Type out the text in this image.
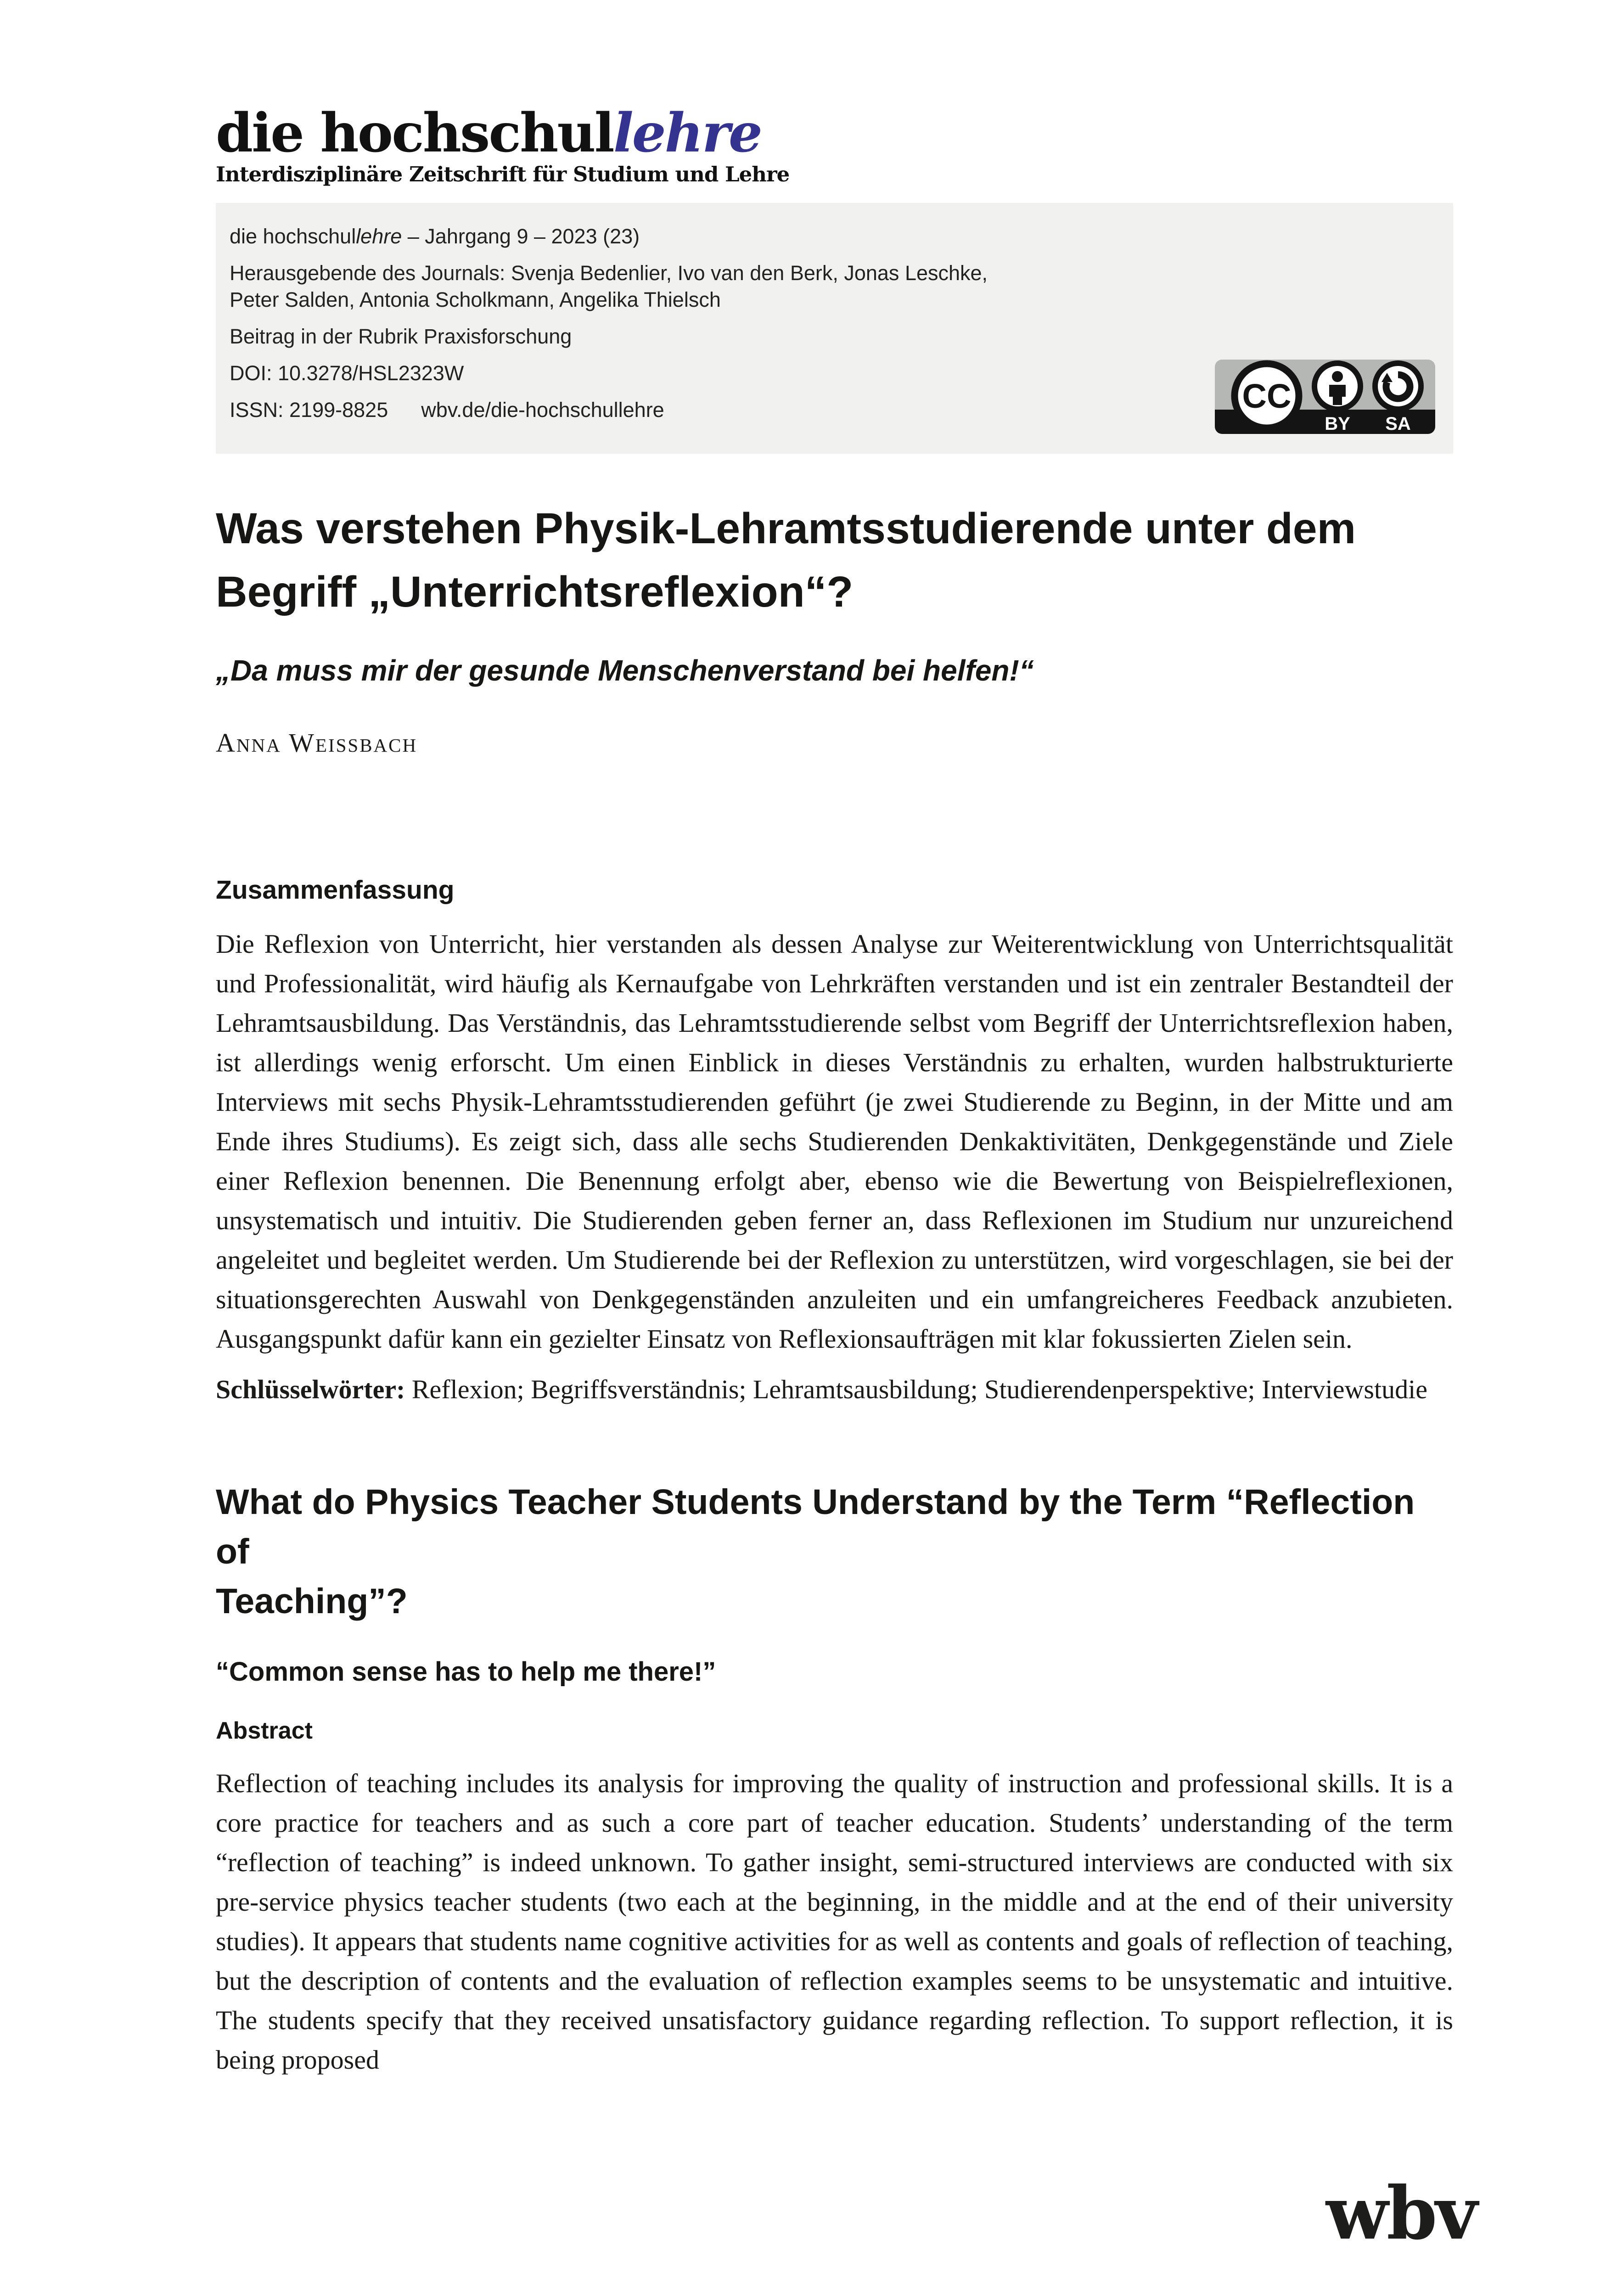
die hochschullehre
Interdisziplinäre Zeitschrift für Studium und Lehre

die hochschullehre – Jahrgang 9 – 2023 (23)

Herausgebende des Journals: Svenja Bedenlier, Ivo van den Berk, Jonas Leschke,
Peter Salden, Antonia Scholkmann, Angelika Thielsch

Beitrag in der Rubrik Praxisforschung

DOI: 10.3278/HSL2323W

ISSN: 2199-8825 wbv.de/die-hochschullehre	CC
BY SA
Was verstehen Physik-Lehramtsstudierende unter dem
Begriff „Unterrichtsreflexion“?
„Da muss mir der gesunde Menschenverstand bei helfen!“
Anna Weissbach
Zusammenfassung

Die Reflexion von Unterricht, hier verstanden als dessen Analyse zur Weiterentwicklung von Unterrichtsqualität und Professionalität, wird häufig als Kernaufgabe von Lehrkräften verstanden und ist ein zentraler Bestandteil der Lehramtsausbildung. Das Verständnis, das Lehramtsstudierende selbst vom Begriff der Unterrichtsreflexion haben, ist allerdings wenig erforscht. Um einen Einblick in dieses Verständnis zu erhalten, wurden halbstrukturierte Interviews mit sechs Physik-Lehramtsstudierenden geführt (je zwei Studierende zu Beginn, in der Mitte und am Ende ihres Studiums). Es zeigt sich, dass alle sechs Studierenden Denkaktivitäten, Denkgegenstände und Ziele einer Reflexion benennen. Die Benennung erfolgt aber, ebenso wie die Bewertung von Beispielreflexionen, unsystematisch und intuitiv. Die Studierenden geben ferner an, dass Reflexionen im Studium nur unzureichend angeleitet und begleitet werden. Um Studierende bei der Reflexion zu unterstützen, wird vorgeschlagen, sie bei der situationsgerechten Auswahl von Denkgegenständen anzuleiten und ein umfangreicheres Feedback anzubieten. Ausgangspunkt dafür kann ein gezielter Einsatz von Reflexionsaufträgen mit klar fokussierten Zielen sein.

Schlüsselwörter: Reflexion; Begriffsverständnis; Lehramtsausbildung; Studierendenperspektive; Interviewstudie

What do Physics Teacher Students Understand by the Term “Reflection of
Teaching”?
“Common sense has to help me there!”
Abstract

Reflection of teaching includes its analysis for improving the quality of instruction and professional skills. It is a core practice for teachers and as such a core part of teacher education. Students’ understanding of the term “reflection of teaching” is indeed unknown. To gather insight, semi-structured interviews are conducted with six pre-service physics teacher students (two each at the beginning, in the middle and at the end of their university studies). It appears that students name cognitive activities for as well as contents and goals of reflection of teaching, but the description of contents and the evaluation of reflection examples seems to be unsystematic and intuitive. The students specify that they received unsatisfactory guidance regarding reflection. To support reflection, it is being proposed

wbv
